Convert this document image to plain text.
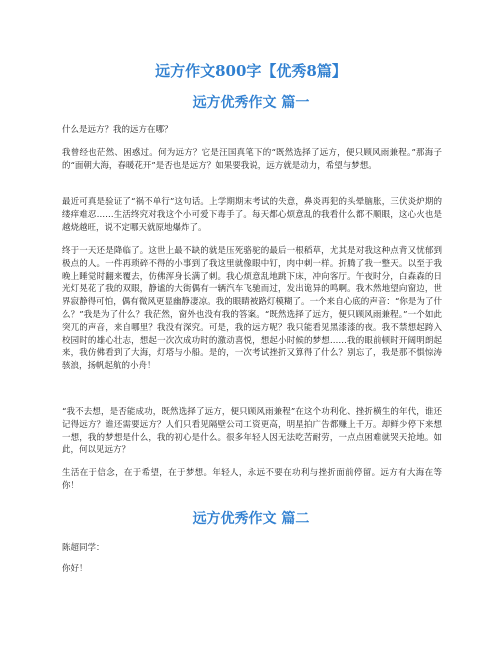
远方作文800字【优秀8篇】
远方优秀作文 篇一

什么是远方？我的远方在哪？

我曾经也茫然、困惑过。何为远方？它是汪国真笔下的“既然选择了远方，便只顾风雨兼程。”那海子的“面朝大海，春暖花开”是否也是远方？如果要我说，远方就是动力，希望与梦想。

最近可真是验证了“祸不单行”这句话。上学期期末考试的失意，鼻炎再犯的头晕脑胀，三伏炎炉期的缕痒难忍……生活终究对我这个小可爱下毒手了。每天都心烦意乱的我看什么都不顺眼，这心火也是越烧越旺，说不定哪天就原地爆炸了。

终于一天还是降临了。这世上最不缺的就是压死骆驼的最后一根稻草，尤其是对我这种点背又忧郁到极点的人。一件再琐碎不得的小事到了我这里就像眼中钉，肉中刺一样。折腾了我一整天。以至于我晚上睡觉时翻来覆去，仿佛浑身长满了刺。我心烦意乱地跳下床，冲向客厅。午夜时分，白森森的日光灯晃花了我的双眼，静谧的大街偶有一辆汽车飞驰而过，发出诡异的鸣啊。我木然地望向窗边，世界寂静得可怕，偶有微风更显幽静凄凉。我的眼睛被路灯模糊了。一个来自心底的声音：“你是为了什么？”我是为了什么？我茫然，窗外也没有我的答案。“既然选择了远方，便只顾风雨兼程。”一个如此突兀的声音，来自哪里？我没有深究。可是，我的远方呢？我只能看见黑漆漆的夜。我不禁想起跨入校园时的雄心壮志，想起一次次成功时的激动喜悦，想起小时候的梦想……我的眼前顿时开阔明朗起来，我仿佛看到了大海，灯塔与小船。是的，一次考试挫折又算得了什么？别忘了，我是那不惧惊涛骇浪，扬帆起航的小舟！

“我不去想，是否能成功，既然选择了远方，便只顾风雨兼程”在这个功利化、挫折横生的年代，谁还记得远方？谁还需要远方？人们只看见隔壁公司工资更高，明星拍广告都赚上千万。却鲜少停下来想一想，我的梦想是什么，我的初心是什么。很多年轻人因无法吃苦耐劳，一点点困难就哭天抢地。如此，何以见远方？

生活在于信念，在于希望，在于梦想。年轻人，永远不要在功利与挫折面前停留。远方有大海在等你！

远方优秀作文 篇二

陈超同学：

你好！
